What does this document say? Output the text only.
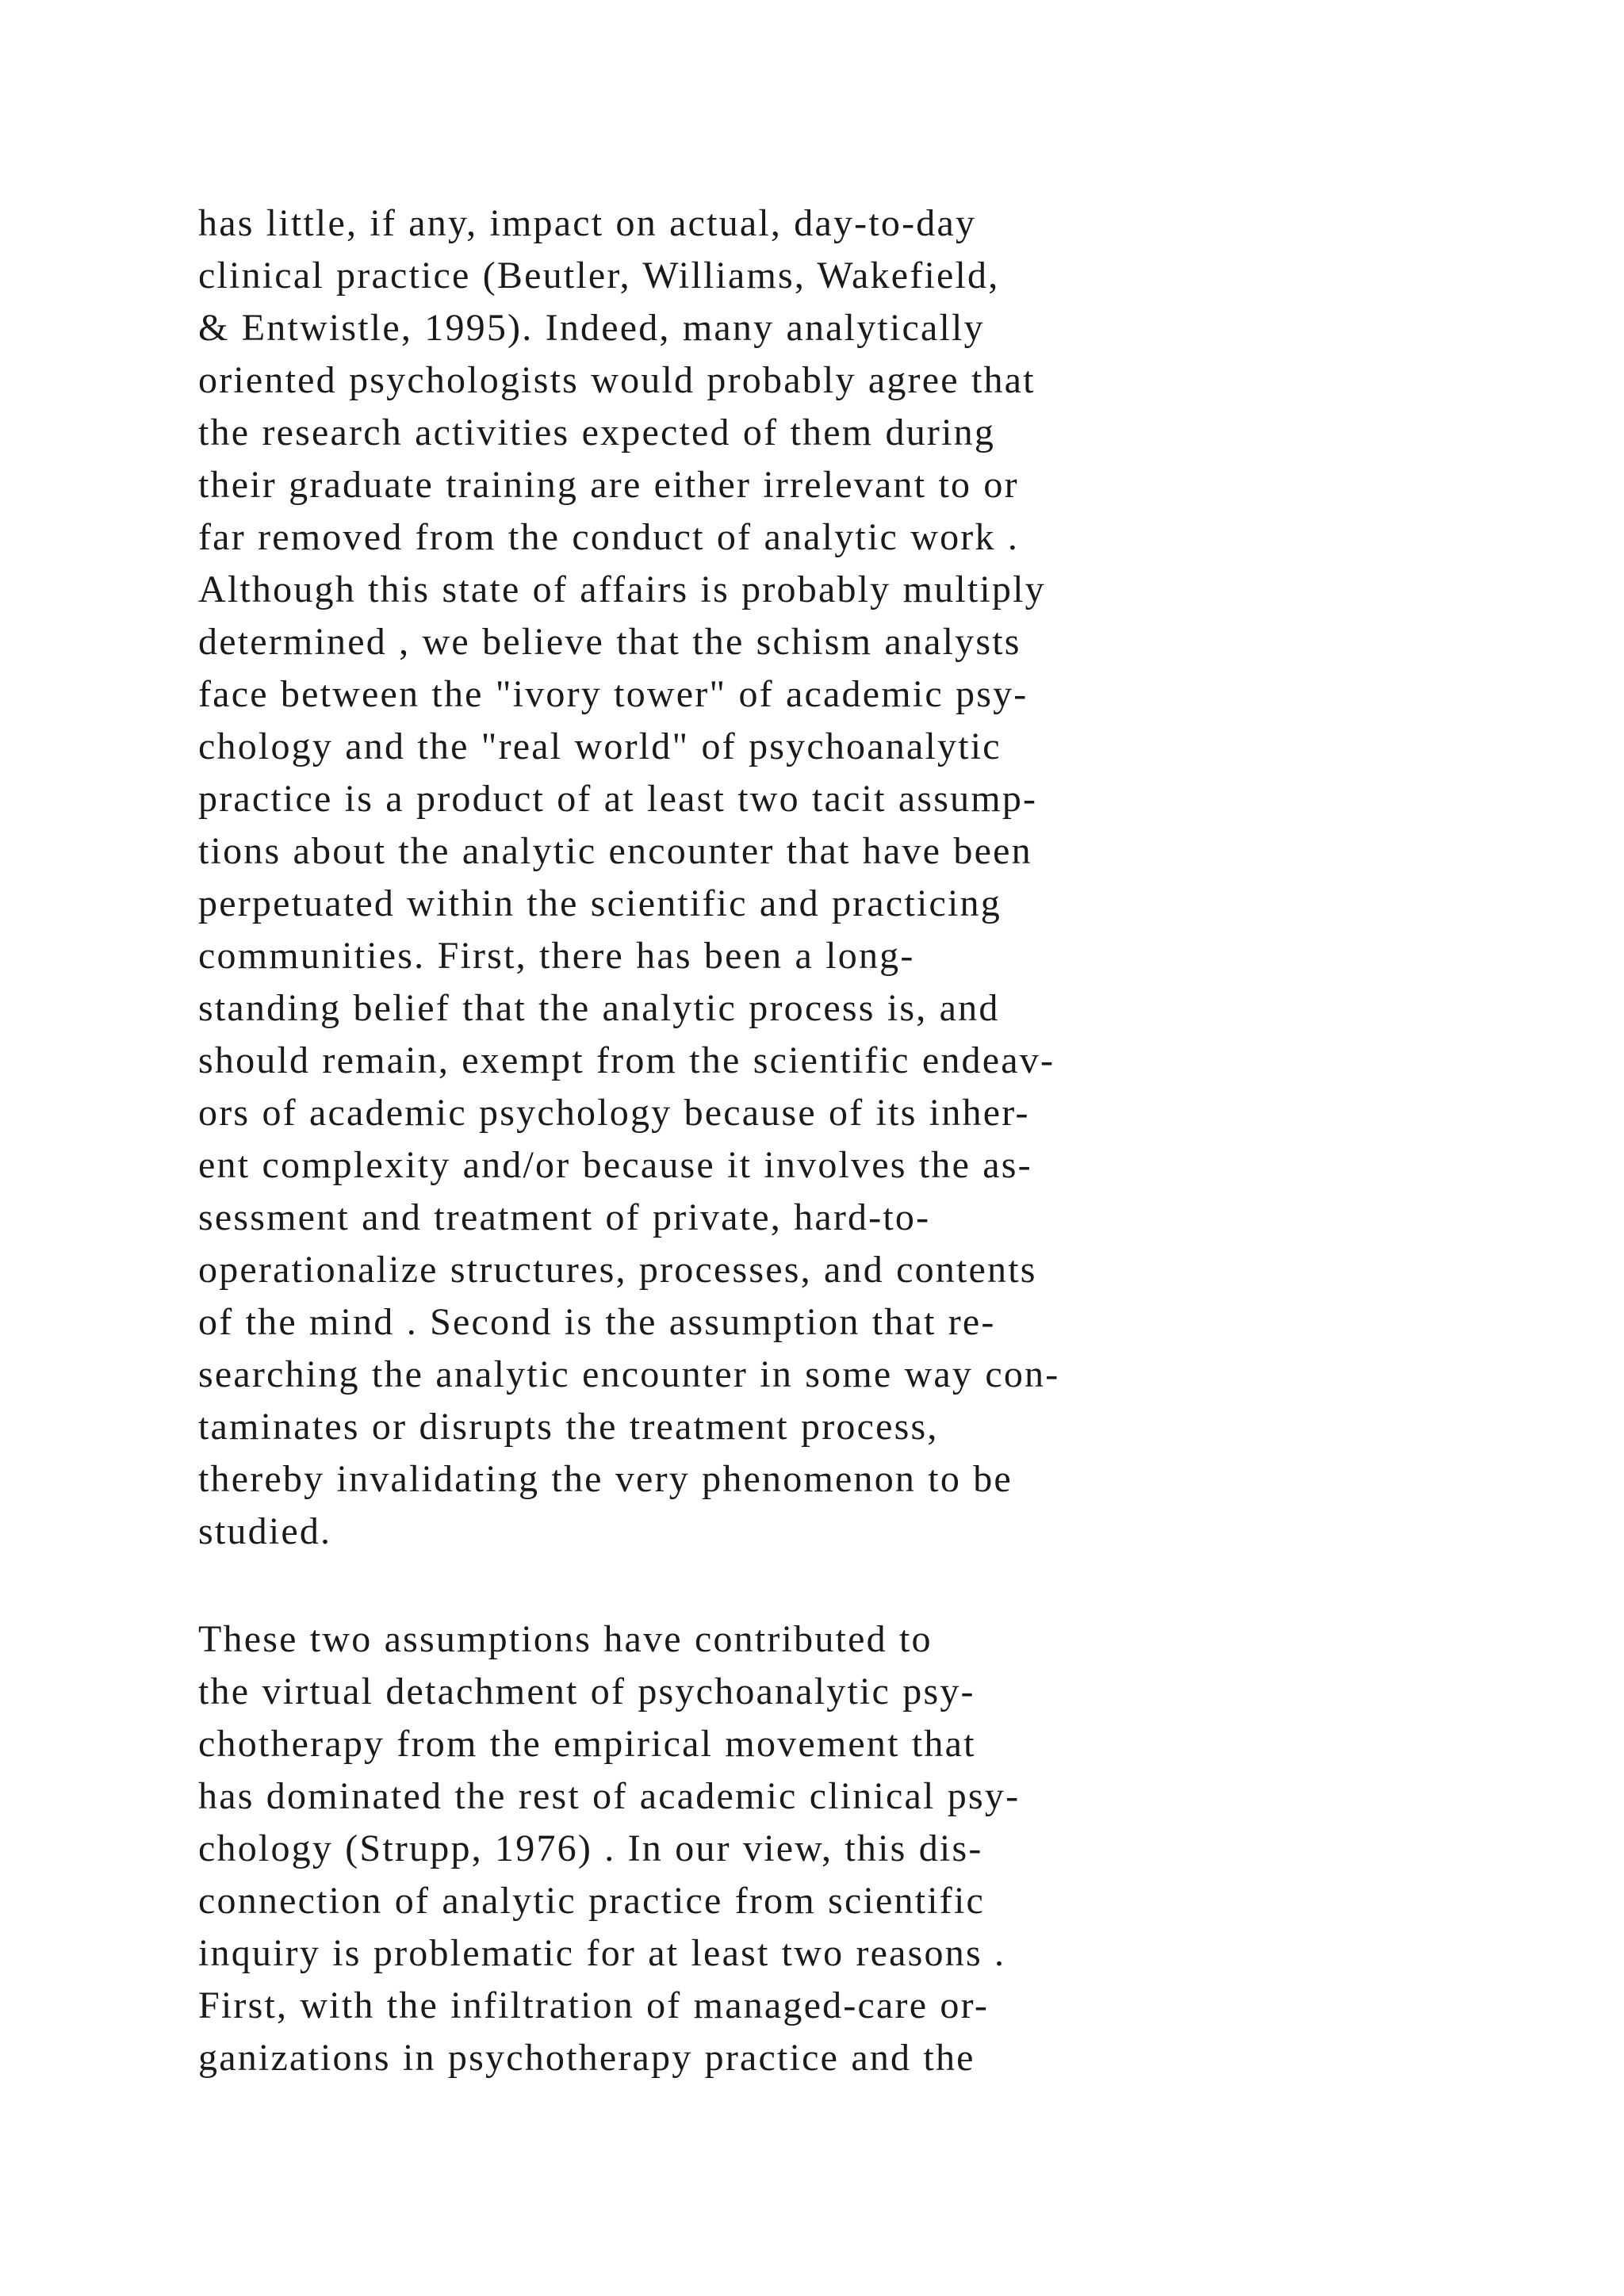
has little, if any, impact on actual, day-to-day
clinical practice (Beutler, Williams, Wakefield,
& Entwistle, 1995). Indeed, many analytically
oriented psychologists would probably agree that
the research activities expected of them during
their graduate training are either irrelevant to or
far removed from the conduct of analytic work .
Although this state of affairs is probably multiply
determined , we believe that the schism analysts
face between the "ivory tower" of academic psy-
chology and the "real world" of psychoanalytic
practice is a product of at least two tacit assump-
tions about the analytic encounter that have been
perpetuated within the scientific and practicing
communities. First, there has been a long-
standing belief that the analytic process is, and
should remain, exempt from the scientific endeav-
ors of academic psychology because of its inher-
ent complexity and/or because it involves the as-
sessment and treatment of private, hard-to-
operationalize structures, processes, and contents
of the mind . Second is the assumption that re-
searching the analytic encounter in some way con-
taminates or disrupts the treatment process,
thereby invalidating the very phenomenon to be
studied.
These two assumptions have contributed to
the virtual detachment of psychoanalytic psy-
chotherapy from the empirical movement that
has dominated the rest of academic clinical psy-
chology (Strupp, 1976) . In our view, this dis-
connection of analytic practice from scientific
inquiry is problematic for at least two reasons .
First, with the infiltration of managed-care or-
ganizations in psychotherapy practice and the
